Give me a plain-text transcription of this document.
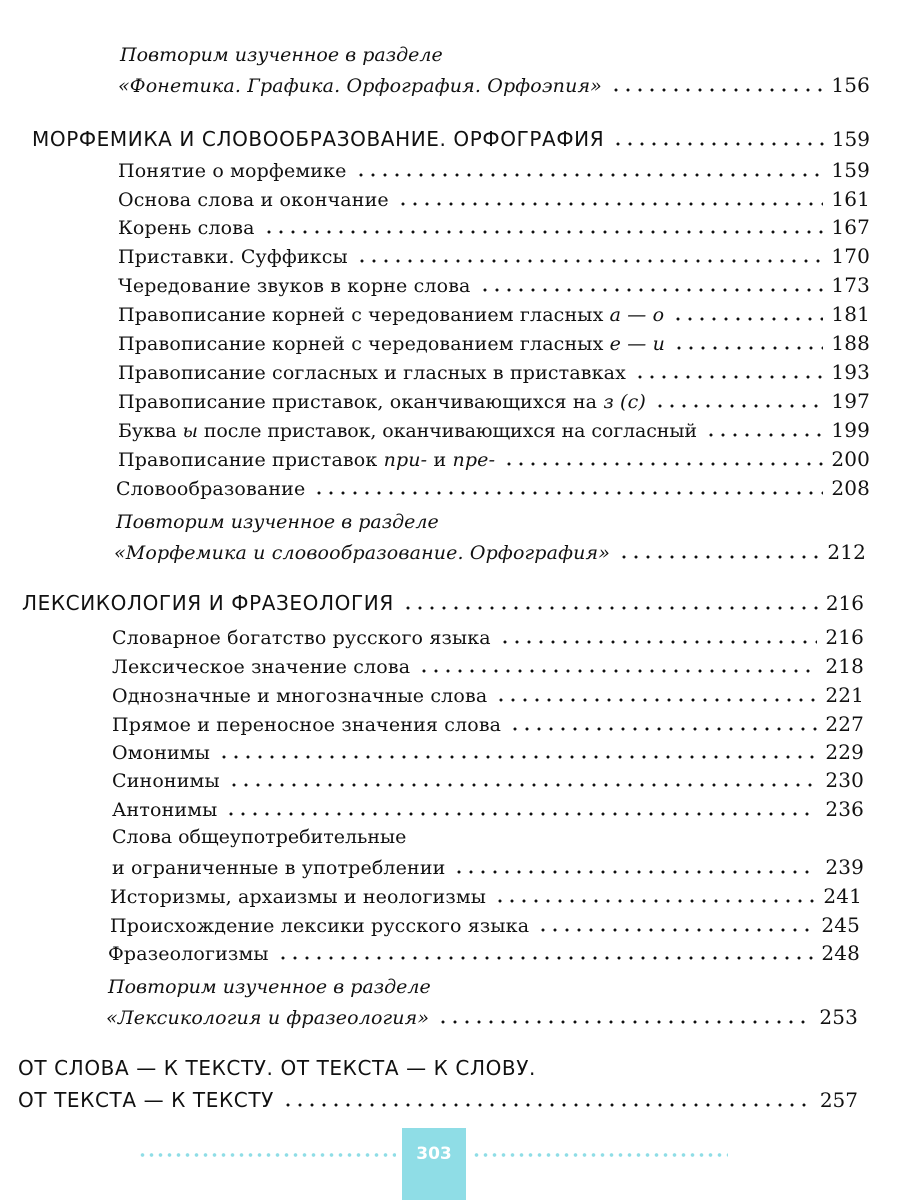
Повторим изученное в разделе
«Фонетика. Графика. Орфография. Орфоэпия»	156
МОРФЕМИКА И СЛОВООБРАЗОВАНИЕ. ОРФОГРАФИЯ	159
Понятие о морфемике	159
Основа слова и окончание	161
Корень слова	167
Приставки. Суффиксы	170
Чередование звуков в корне слова	173
Правописание корней с чередованием гласных а — о	181
Правописание корней с чередованием гласных е — и	188
Правописание согласных и гласных в приставках	193
Правописание приставок, оканчивающихся на з (с)	197
Буква ы после приставок, оканчивающихся на согласный	199
Правописание приставок при- и пре-	200
Словообразование	208
Повторим изученное в разделе
«Морфемика и словообразование. Орфография»	212
ЛЕКСИКОЛОГИЯ И ФРАЗЕОЛОГИЯ	216
Словарное богатство русского языка	216
Лексическое значение слова	218
Однозначные и многозначные слова	221
Прямое и переносное значения слова	227
Омонимы	229
Синонимы	230
Антонимы	236
Слова общеупотребительные
и ограниченные в употреблении	239
Историзмы, архаизмы и неологизмы	241
Происхождение лексики русского языка	245
Фразеологизмы	248
Повторим изученное в разделе
«Лексикология и фразеология»	253
ОТ СЛОВА — К ТЕКСТУ. ОТ ТЕКСТА — К СЛОВУ.
ОТ ТЕКСТА — К ТЕКСТУ	257
303
